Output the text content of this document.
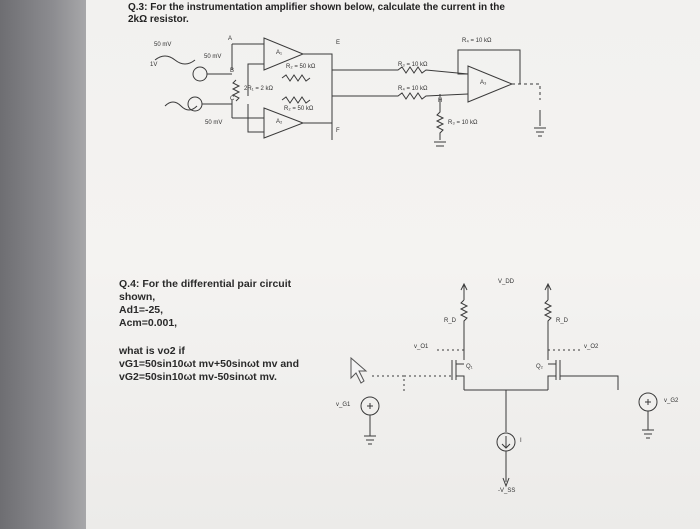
Q.3: For the instrumentation amplifier shown below, calculate the current in the
2kΩ resistor.
50 mV
1V
50 mV
50 mV
A
B
C
E
F
R₂ = 50 kΩ
2R₁ = 2 kΩ
R₂ = 50 kΩ
R₃ = 10 kΩ
R₄ = 10 kΩ
R₄ = 10 kΩ
R₃ = 10 kΩ
H
A₁
A₂
A₃
Q.4: For the differential pair circuit
shown,
Ad1=-25,
Acm=0.001,
what is vo2 if
vG1=50sin10ωt mv+50sinωt mv and
vG2=50sin10ωt mv-50sinωt mv.
V_DD
-V_SS
R_D	R_D
Q₁	Q₂
v_G1
v_G2
v_O1	v_O2
I
